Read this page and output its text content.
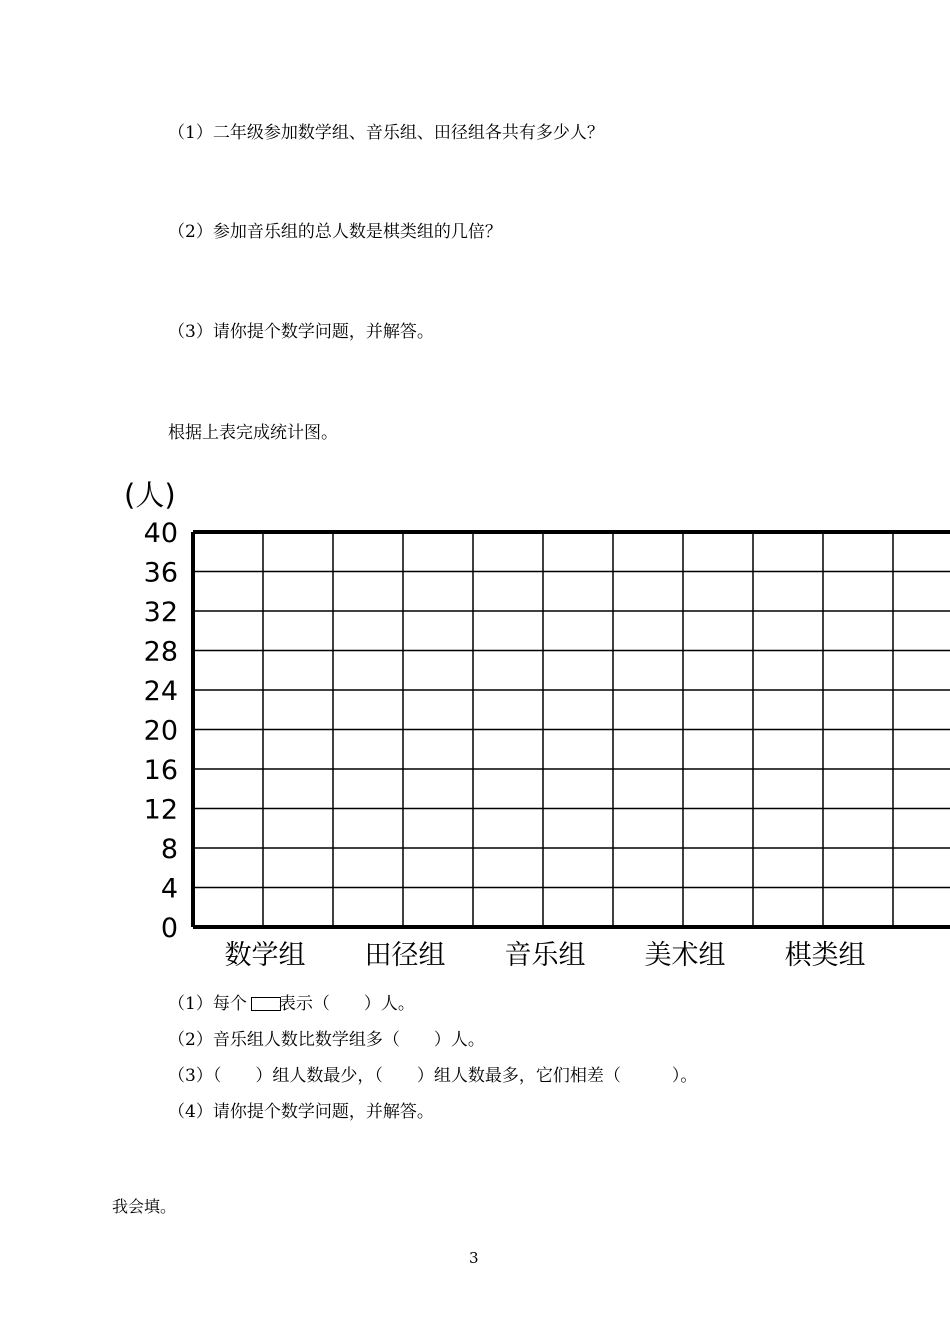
（1）二年级参加数学组、音乐组、田径组各共有多少人？
（2）参加音乐组的总人数是棋类组的几倍？
（3）请你提个数学问题，并解答。
根据上表完成统计图。
(人)
0
4
8
12
16
20
24
28
32
36
40
数学组 田径组 音乐组 美术组 棋类组
（1）每个 表示（　　）人。
（2）音乐组人数比数学组多（　　）人。
（3）（　　）组人数最少，（　　）组人数最多，它们相差（　　　）。
（4）请你提个数学问题，并解答。
我会填。
3
